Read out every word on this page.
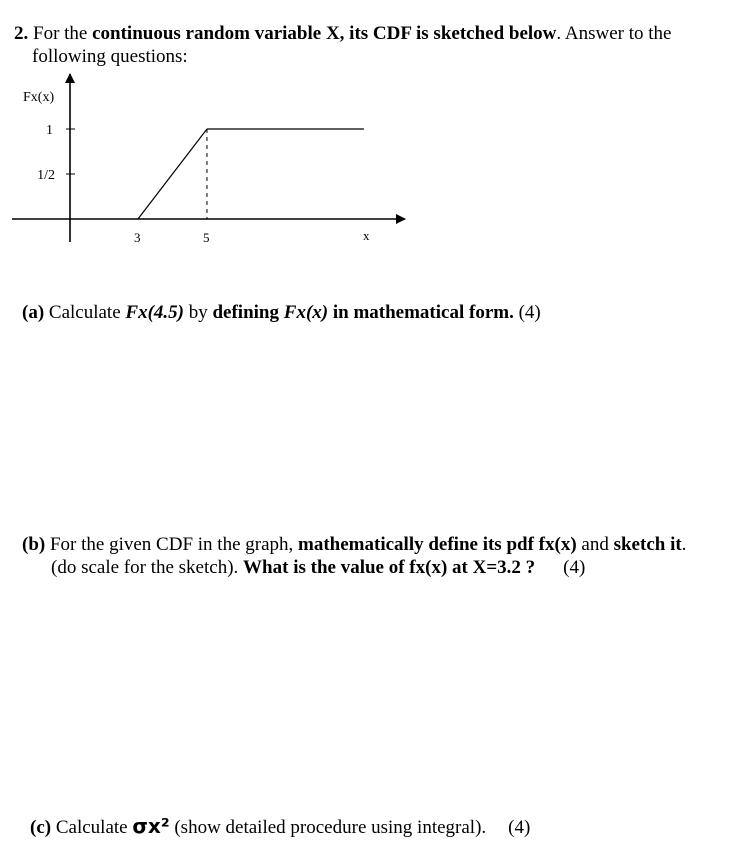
2. For the continuous random variable X, its CDF is sketched below. Answer to the
following questions:
Fx(x)
1
1/2
3	5	x
(a) Calculate Fx(4.5) by defining Fx(x) in mathematical form. (4)
(b) For the given CDF in the graph, mathematically define its pdf fx(x) and sketch it.
(do scale for the sketch). What is the value of fx(x) at X=3.2 ? (4)
(c) Calculate σx² (show detailed procedure using integral). (4)
